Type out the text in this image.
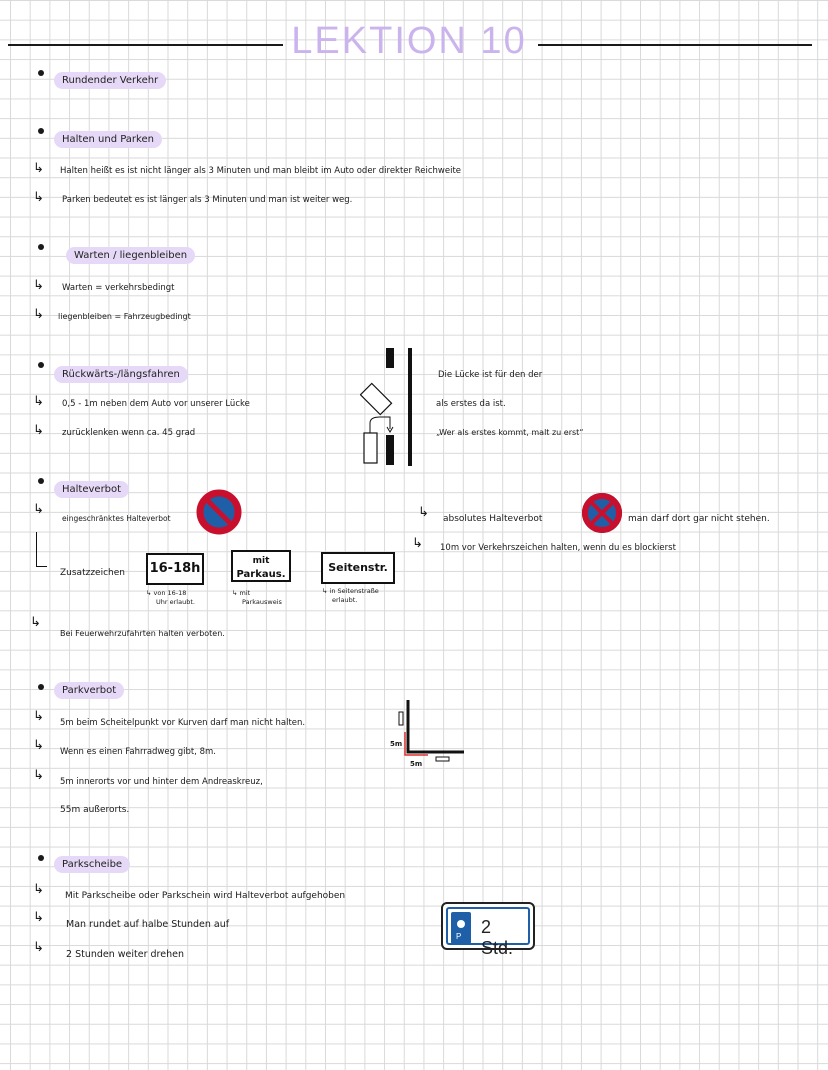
LEKTION 10
Rundender Verkehr
Halten und Parken
↳ Halten heißt es ist nicht länger als 3 Minuten und man bleibt im Auto oder direkter Reichweite
↳ Parken bedeutet es ist länger als 3 Minuten und man ist weiter weg.
Warten / liegenbleiben
↳ Warten = verkehrsbedingt
↳ liegenbleiben = Fahrzeugbedingt
Rückwärts-/längsfahren
↳ 0,5 - 1m neben dem Auto vor unserer Lücke
↳ zurücklenken wenn ca. 45 grad
Die Lücke ist für den der
als erstes da ist.
„Wer als erstes kommt, malt zu erst“
Halteverbot
↳
eingeschränktes Halteverbot	↳ absolutes Halteverbot	man darf dort gar nicht stehen.
↳ 10m vor Verkehrszeichen halten, wenn du es blockierst
Zusatzzeichen 16-18h
↳ von 16-18
Uhr erlaubt.
mit
Parkaus.
↳ mit
Parkausweis
Seitenstr.
↳ in Seitenstraße
erlaubt.
↳
Bei Feuerwehrzufahrten halten verboten.
Parkverbot
↳ 5m beim Scheitelpunkt vor Kurven darf man nicht halten.
↳ Wenn es einen Fahrradweg gibt, 8m.
↳ 5m innerorts vor und hinter dem Andreaskreuz,
55m außerorts.
5m
5m
Parkscheibe
↳ Mit Parkscheibe oder Parkschein wird Halteverbot aufgehoben
↳ Man rundet auf halbe Stunden auf
↳ 2 Stunden weiter drehen
P 2 Std.
